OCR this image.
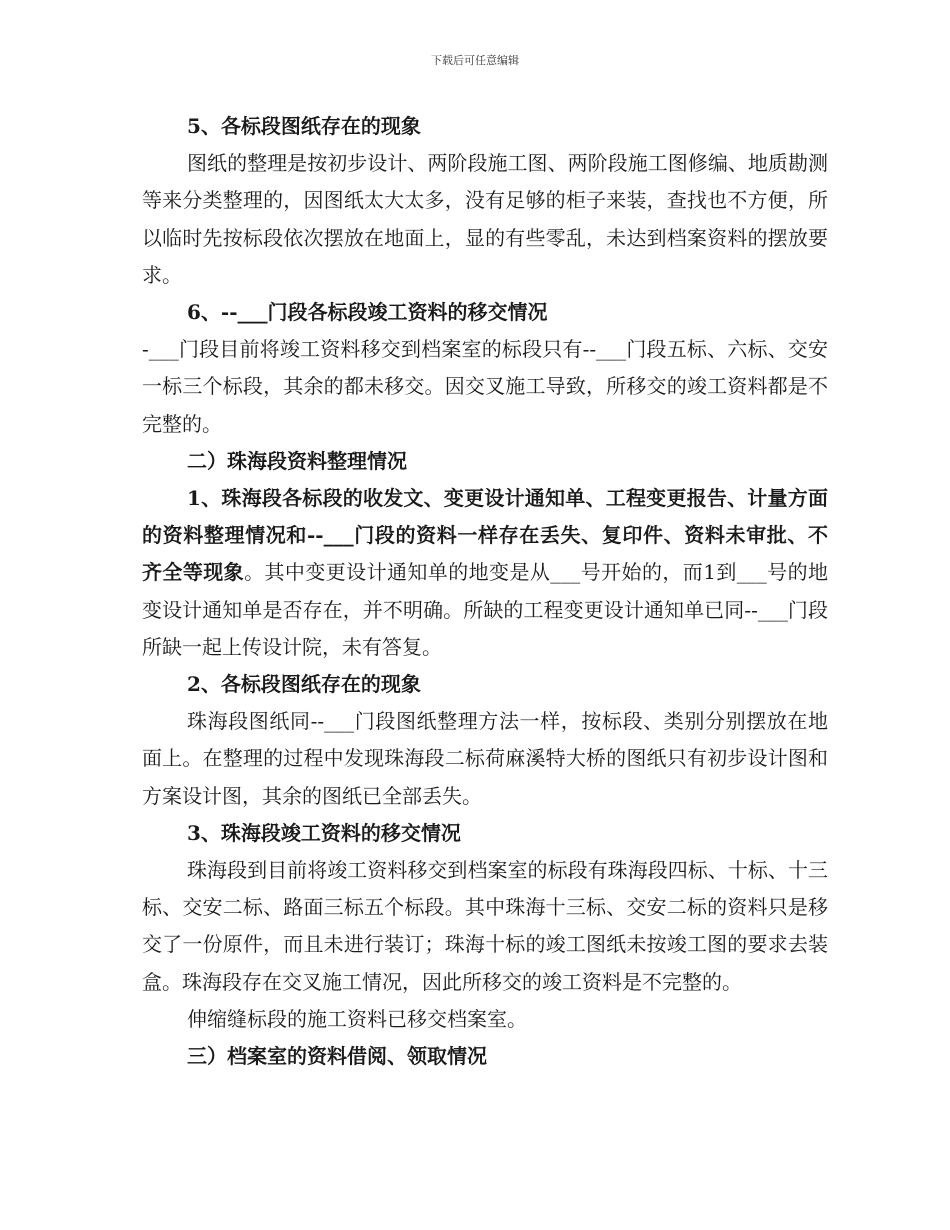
下载后可任意编辑

5、各标段图纸存在的现象

图纸的整理是按初步设计、两阶段施工图、两阶段施工图修编、地质勘测等来分类整理的，因图纸太大太多，没有足够的柜子来装，查找也不方便，所以临时先按标段依次摆放在地面上，显的有些零乱，未达到档案资料的摆放要求。

6、--___门段各标段竣工资料的移交情况

-___门段目前将竣工资料移交到档案室的标段只有--___门段五标、六标、交安一标三个标段，其余的都未移交。因交叉施工导致，所移交的竣工资料都是不完整的。

二）珠海段资料整理情况

1、珠海段各标段的收发文、变更设计通知单、工程变更报告、计量方面的资料整理情况和--___门段的资料一样存在丢失、复印件、资料未审批、不齐全等现象。其中变更设计通知单的地变是从___号开始的，而1到___号的地变设计通知单是否存在，并不明确。所缺的工程变更设计通知单已同--___门段所缺一起上传设计院，未有答复。

2、各标段图纸存在的现象

珠海段图纸同--___门段图纸整理方法一样，按标段、类别分别摆放在地面上。在整理的过程中发现珠海段二标荷麻溪特大桥的图纸只有初步设计图和方案设计图，其余的图纸已全部丢失。

3、珠海段竣工资料的移交情况

珠海段到目前将竣工资料移交到档案室的标段有珠海段四标、十标、十三标、交安二标、路面三标五个标段。其中珠海十三标、交安二标的资料只是移交了一份原件，而且未进行装订；珠海十标的竣工图纸未按竣工图的要求去装盒。珠海段存在交叉施工情况，因此所移交的竣工资料是不完整的。

伸缩缝标段的施工资料已移交档案室。

三）档案室的资料借阅、领取情况
